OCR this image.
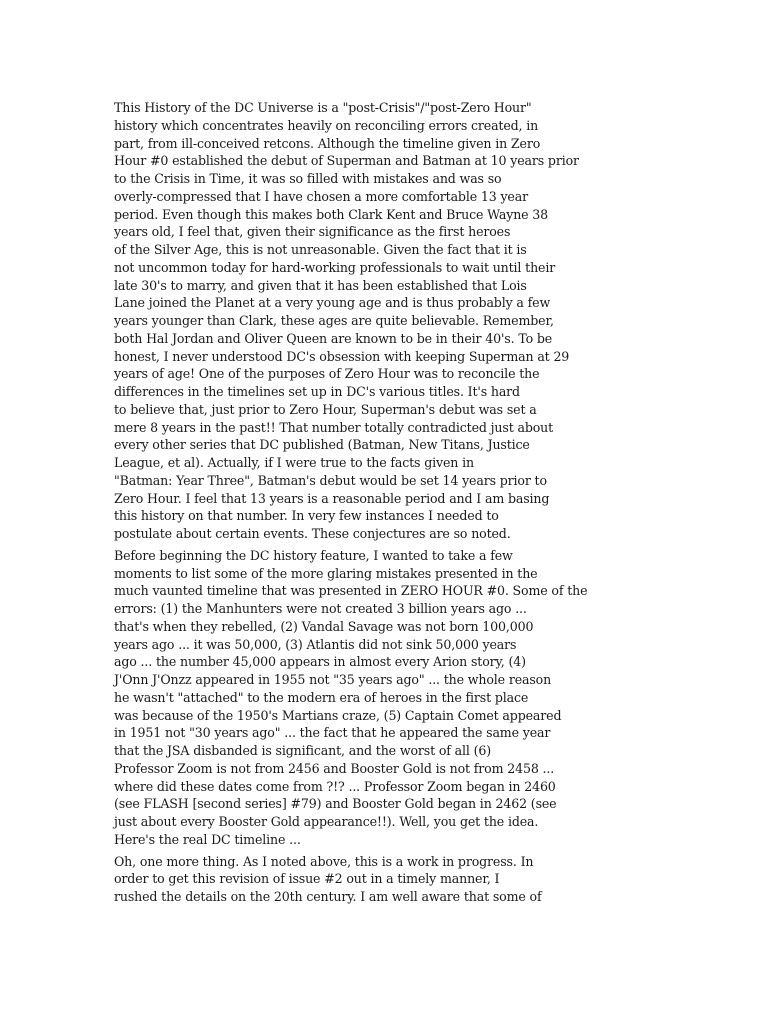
This History of the DC Universe is a "post-Crisis"/"post-Zero Hour"
history which concentrates heavily on reconciling errors created, in
part, from ill-conceived retcons. Although the timeline given in Zero
Hour #0 established the debut of Superman and Batman at 10 years prior
to the Crisis in Time, it was so filled with mistakes and was so
overly-compressed that I have chosen a more comfortable 13 year
period. Even though this makes both Clark Kent and Bruce Wayne 38
years old, I feel that, given their significance as the first heroes
of the Silver Age, this is not unreasonable. Given the fact that it is
not uncommon today for hard-working professionals to wait until their
late 30's to marry, and given that it has been established that Lois
Lane joined the Planet at a very young age and is thus probably a few
years younger than Clark, these ages are quite believable. Remember,
both Hal Jordan and Oliver Queen are known to be in their 40's. To be
honest, I never understood DC's obsession with keeping Superman at 29
years of age! One of the purposes of Zero Hour was to reconcile the
differences in the timelines set up in DC's various titles. It's hard
to believe that, just prior to Zero Hour, Superman's debut was set a
mere 8 years in the past!! That number totally contradicted just about
every other series that DC published (Batman, New Titans, Justice
League, et al). Actually, if I were true to the facts given in
"Batman: Year Three", Batman's debut would be set 14 years prior to
Zero Hour. I feel that 13 years is a reasonable period and I am basing
this history on that number. In very few instances I needed to
postulate about certain events. These conjectures are so noted.
Before beginning the DC history feature, I wanted to take a few
moments to list some of the more glaring mistakes presented in the
much vaunted timeline that was presented in ZERO HOUR #0. Some of the
errors: (1) the Manhunters were not created 3 billion years ago ...
that's when they rebelled, (2) Vandal Savage was not born 100,000
years ago ... it was 50,000, (3) Atlantis did not sink 50,000 years
ago ... the number 45,000 appears in almost every Arion story, (4)
J'Onn J'Onzz appeared in 1955 not "35 years ago" ... the whole reason
he wasn't "attached" to the modern era of heroes in the first place
was because of the 1950's Martians craze, (5) Captain Comet appeared
in 1951 not "30 years ago" ... the fact that he appeared the same year
that the JSA disbanded is significant, and the worst of all (6)
Professor Zoom is not from 2456 and Booster Gold is not from 2458 ...
where did these dates come from ?!? ... Professor Zoom began in 2460
(see FLASH [second series] #79) and Booster Gold began in 2462 (see
just about every Booster Gold appearance!!). Well, you get the idea.
Here's the real DC timeline ...
Oh, one more thing. As I noted above, this is a work in progress. In
order to get this revision of issue #2 out in a timely manner, I
rushed the details on the 20th century. I am well aware that some of
